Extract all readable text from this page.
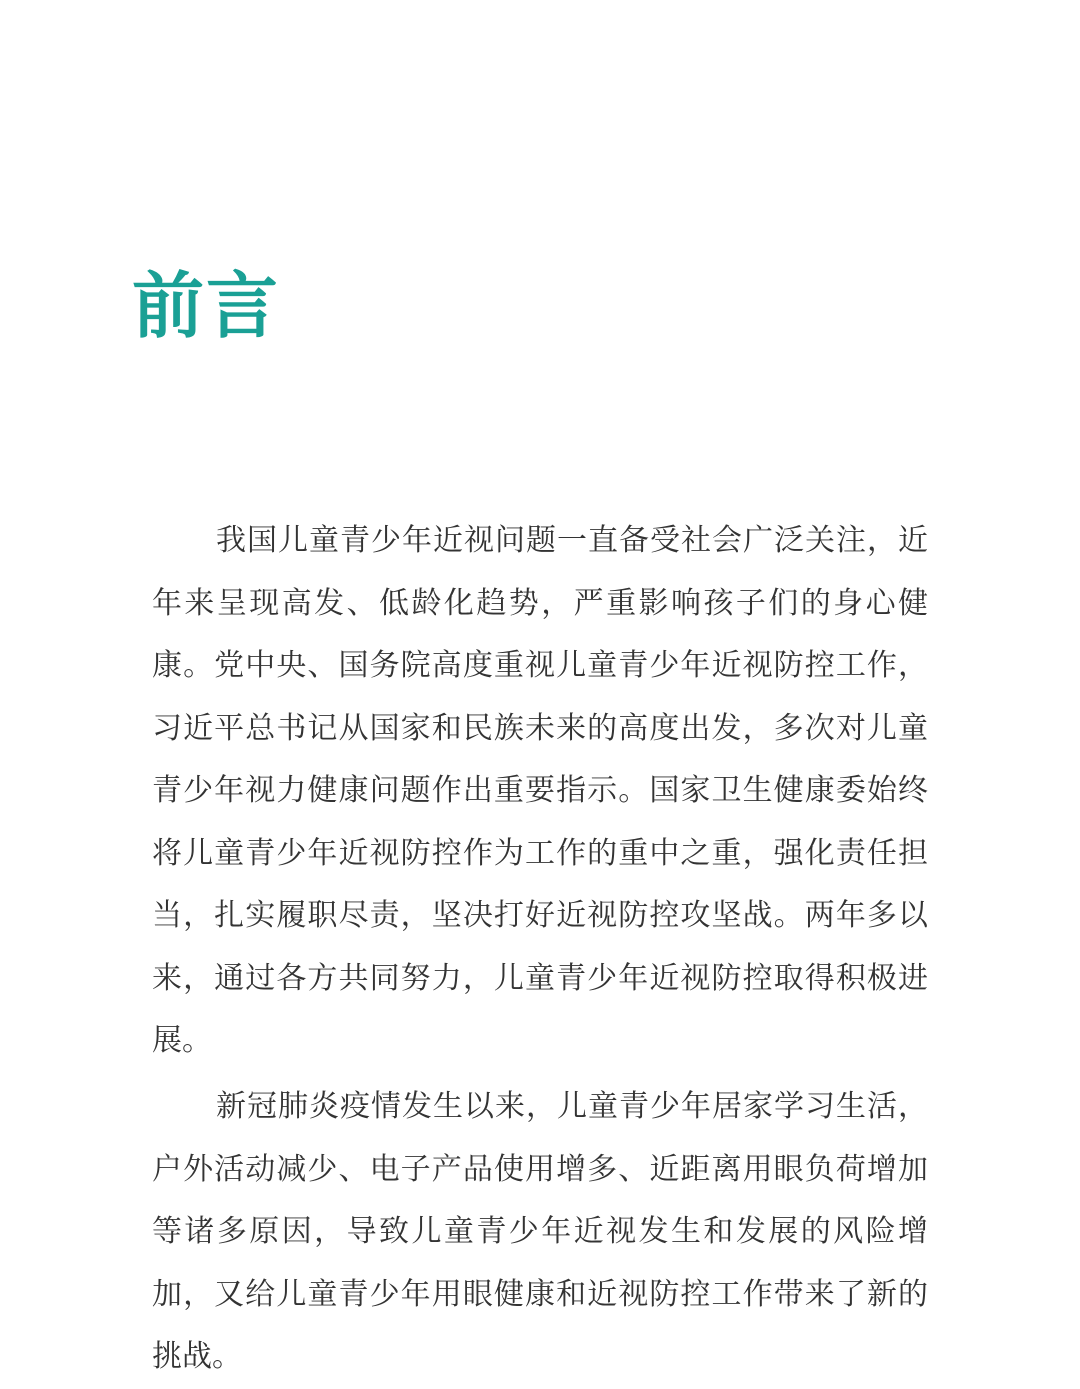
前言

我国儿童青少年近视问题一直备受社会广泛关注，近年来呈现高发、低龄化趋势，严重影响孩子们的身心健康。党中央、国务院高度重视儿童青少年近视防控工作，习近平总书记从国家和民族未来的高度出发，多次对儿童青少年视力健康问题作出重要指示。国家卫生健康委始终将儿童青少年近视防控作为工作的重中之重，强化责任担当，扎实履职尽责，坚决打好近视防控攻坚战。两年多以来，通过各方共同努力，儿童青少年近视防控取得积极进展。

新冠肺炎疫情发生以来，儿童青少年居家学习生活，户外活动减少、电子产品使用增多、近距离用眼负荷增加等诸多原因，导致儿童青少年近视发生和发展的风险增加，又给儿童青少年用眼健康和近视防控工作带来了新的挑战。
